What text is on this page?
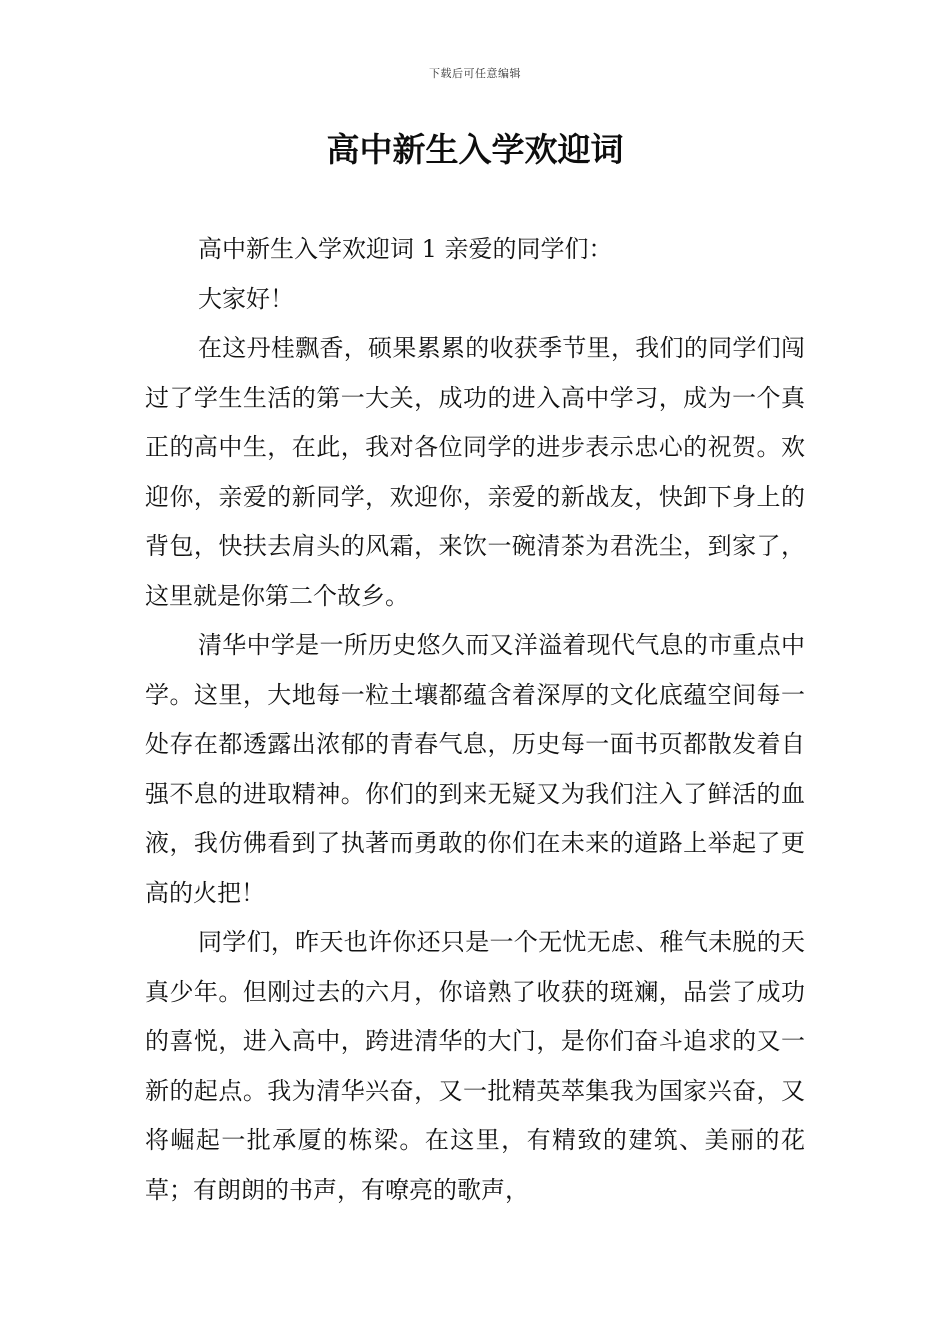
下载后可任意编辑
高中新生入学欢迎词

高中新生入学欢迎词 1 亲爱的同学们：

大家好！

在这丹桂飘香，硕果累累的收获季节里，我们的同学们闯过了学生生活的第一大关，成功的进入高中学习，成为一个真正的高中生，在此，我对各位同学的进步表示忠心的祝贺。欢迎你，亲爱的新同学，欢迎你，亲爱的新战友，快卸下身上的背包，快扶去肩头的风霜，来饮一碗清茶为君洗尘，到家了，这里就是你第二个故乡。

清华中学是一所历史悠久而又洋溢着现代气息的市重点中学。这里，大地每一粒土壤都蕴含着深厚的文化底蕴空间每一处存在都透露出浓郁的青春气息，历史每一面书页都散发着自强不息的进取精神。你们的到来无疑又为我们注入了鲜活的血液，我仿佛看到了执著而勇敢的你们在未来的道路上举起了更高的火把！

同学们，昨天也许你还只是一个无忧无虑、稚气未脱的天真少年。但刚过去的六月，你谙熟了收获的斑斓，品尝了成功的喜悦，进入高中，跨进清华的大门，是你们奋斗追求的又一新的起点。我为清华兴奋，又一批精英萃集我为国家兴奋，又将崛起一批承厦的栋梁。在这里，有精致的建筑、美丽的花草；有朗朗的书声，有嘹亮的歌声，
